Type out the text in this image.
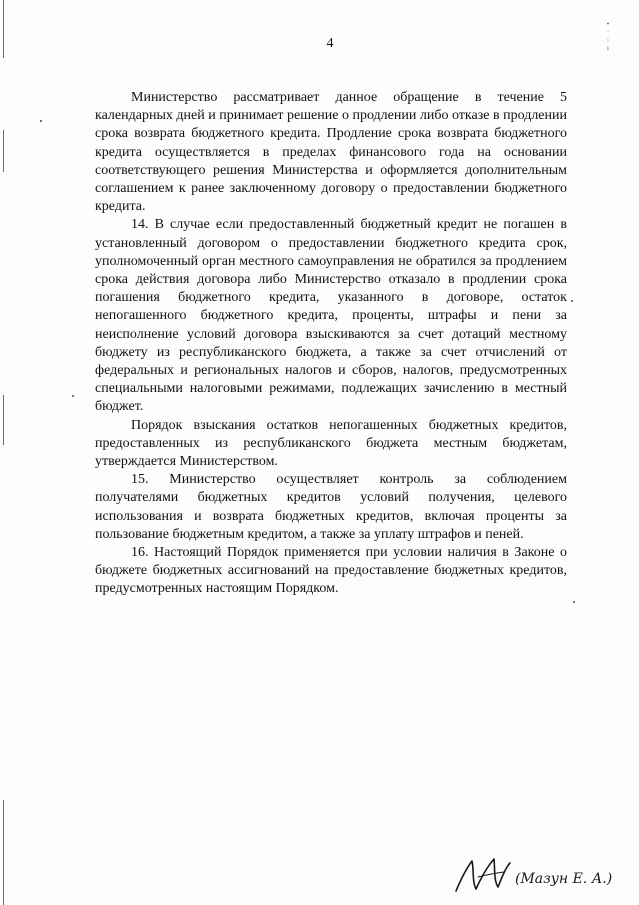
4
•
·
:
ı

Министерство рассматривает данное обращение в течение 5 календарных дней и принимает решение о продлении либо отказе в продлении срока возврата бюджетного кредита. Продление срока возврата бюджетного кредита осуществляется в пределах финансового года на основании соответствующего решения Министерства и оформляется дополнительным соглашением к ранее заключенному договору о предоставлении бюджетного кредита.

14. В случае если предоставленный бюджетный кредит не погашен в установленный договором о предоставлении бюджетного кредита срок, уполномоченный орган местного самоуправления не обратился за продлением срока действия договора либо Министерство отказало в продлении срока погашения бюджетного кредита, указанного в договоре, остаток непогашенного бюджетного кредита, проценты, штрафы и пени за неисполнение условий договора взыскиваются за счет дотаций местному бюджету из республиканского бюджета, а также за счет отчислений от федеральных и региональных налогов и сборов, налогов, предусмотренных специальными налоговыми режимами, подлежащих зачислению в местный бюджет.

Порядок взыскания остатков непогашенных бюджетных кредитов, предоставленных из республиканского бюджета местным бюджетам, утверждается Министерством.

15. Министерство осуществляет контроль за соблюдением получателями бюджетных кредитов условий получения, целевого использования и возврата бюджетных кредитов, включая проценты за пользование бюджетным кредитом, а также за уплату штрафов и пеней.

16. Настоящий Порядок применяется при условии наличия в Законе о бюджете бюджетных ассигнований на предоставление бюджетных кредитов, предусмотренных настоящим Порядком.

(Мазун Е. А.)
